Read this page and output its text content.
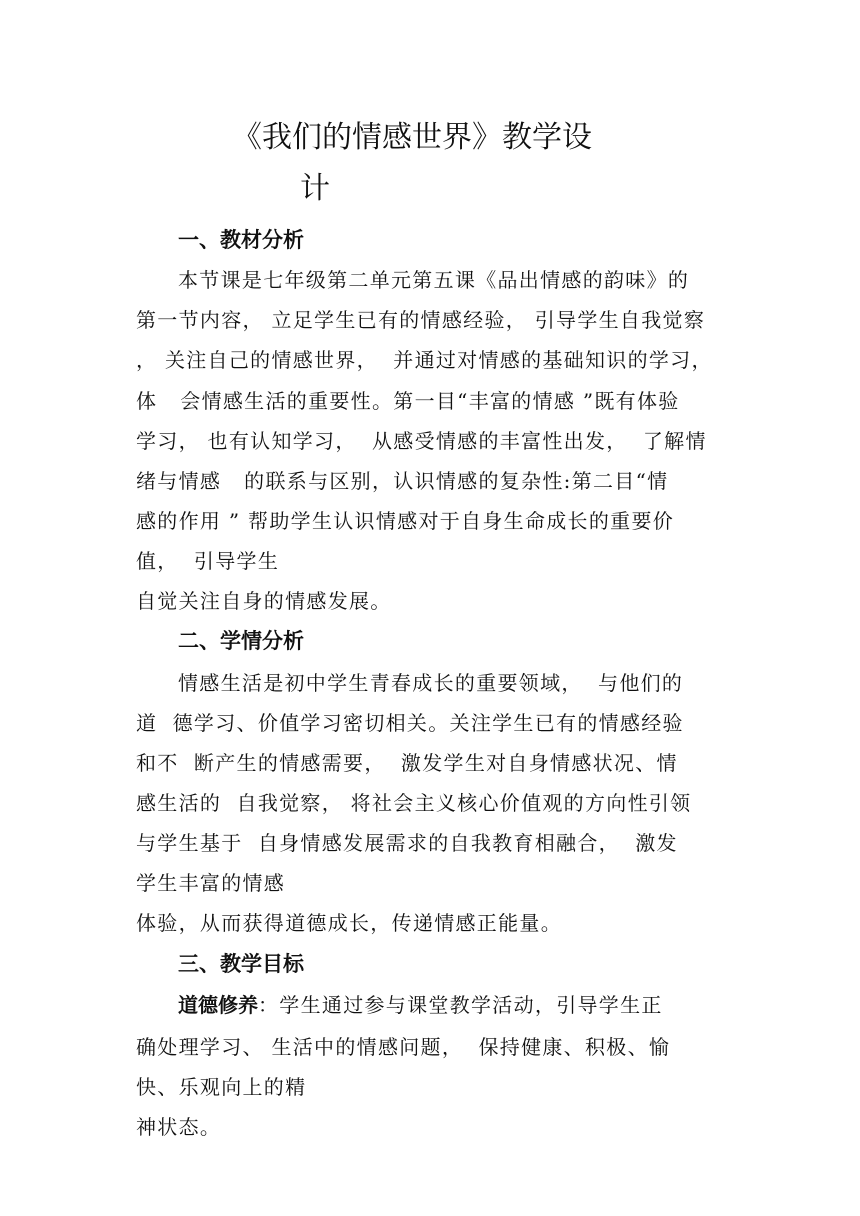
《我们的情感世界》教学设
计
一、教材分析
本节课是七年级第二单元第五课《品出情感的韵味》的
第一节内容， 立足学生已有的情感经验， 引导学生自我觉察
， 关注自己的情感世界，  并通过对情感的基础知识的学习，
体   会情感生活的重要性。第一目“丰富的情感 ”既有体验
学习， 也有认知学习，  从感受情感的丰富性出发，  了解情
绪与情感   的联系与区别，认识情感的复杂性:第二目“情
感的作用 ” 帮助学生认识情感对于自身生命成长的重要价
值，  引导学生
自觉关注自身的情感发展。
二、学情分析
情感生活是初中学生青春成长的重要领域，  与他们的
道  德学习、价值学习密切相关。关注学生已有的情感经验
和不  断产生的情感需要，  激发学生对自身情感状况、情
感生活的  自我觉察， 将社会主义核心价值观的方向性引领
与学生基于  自身情感发展需求的自我教育相融合，  激发
学生丰富的情感
体验，从而获得道德成长，传递情感正能量。
三、教学目标
道德修养：学生通过参与课堂教学活动，引导学生正
确处理学习、 生活中的情感问题，  保持健康、积极、愉
快、乐观向上的精
神状态。
